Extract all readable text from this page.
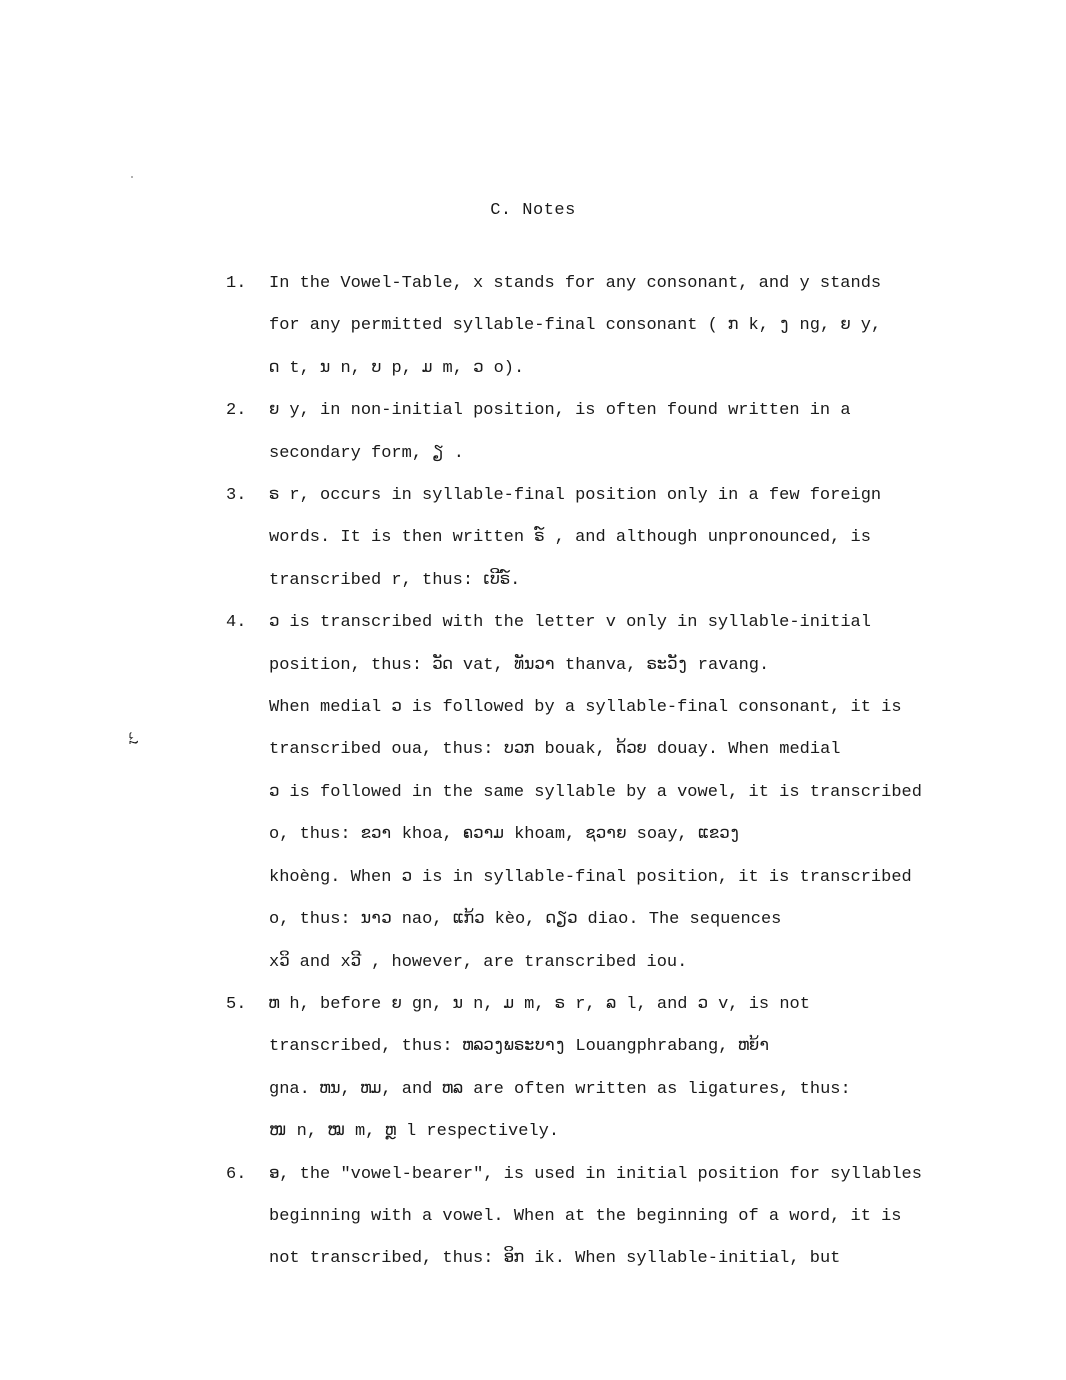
C. Notes
ܐܝ
1.	In the Vowel-Table, x stands for any consonant, and y stands

for any permitted syllable-final consonant ( ກ k, ງ ng, ຍ y,

ດ t, ນ n, ບ p, ມ m, ວ o).

2.	ຍ y, in non-initial position, is often found written in a

secondary form, ຽ .

3.	ຣ r, occurs in syllable-final position only in a few foreign

words. It is then written ຣ໌ , and although unpronounced, is

transcribed r, thus: ເບີຣ໌.

4.	ວ is transcribed with the letter v only in syllable-initial

position, thus: ວັດ vat, ທັນວາ thanva, ຣະວັງ ravang.

When medial ວ is followed by a syllable-final consonant, it is

transcribed oua, thus: ບວກ bouak, ດ້ວຍ douay. When medial

ວ is followed in the same syllable by a vowel, it is transcribed

o, thus: ຂວາ khoa, ຄວາມ khoam, ຊວາຍ soay, ແຂວງ

khoèng. When ວ is in syllable-final position, it is transcribed

o, thus: ນາວ nao, ແກ້ວ kèo, ດຽວ diao. The sequences

xິວ and xີວ , however, are transcribed iou.

5.	ຫ h, before ຍ gn, ນ n, ມ m, ຣ r, ລ l, and ວ v, is not

transcribed, thus: ຫລວງພຣະບາງ Louangphrabang, ຫຍ້າ

gna. ຫນ, ຫມ, and ຫລ are often written as ligatures, thus:

ໜ n, ໝ m, ຫຼ l respectively.

6.	ອ, the "vowel-bearer", is used in initial position for syllables

beginning with a vowel. When at the beginning of a word, it is

not transcribed, thus: ອິກ ik. When syllable-initial, but
